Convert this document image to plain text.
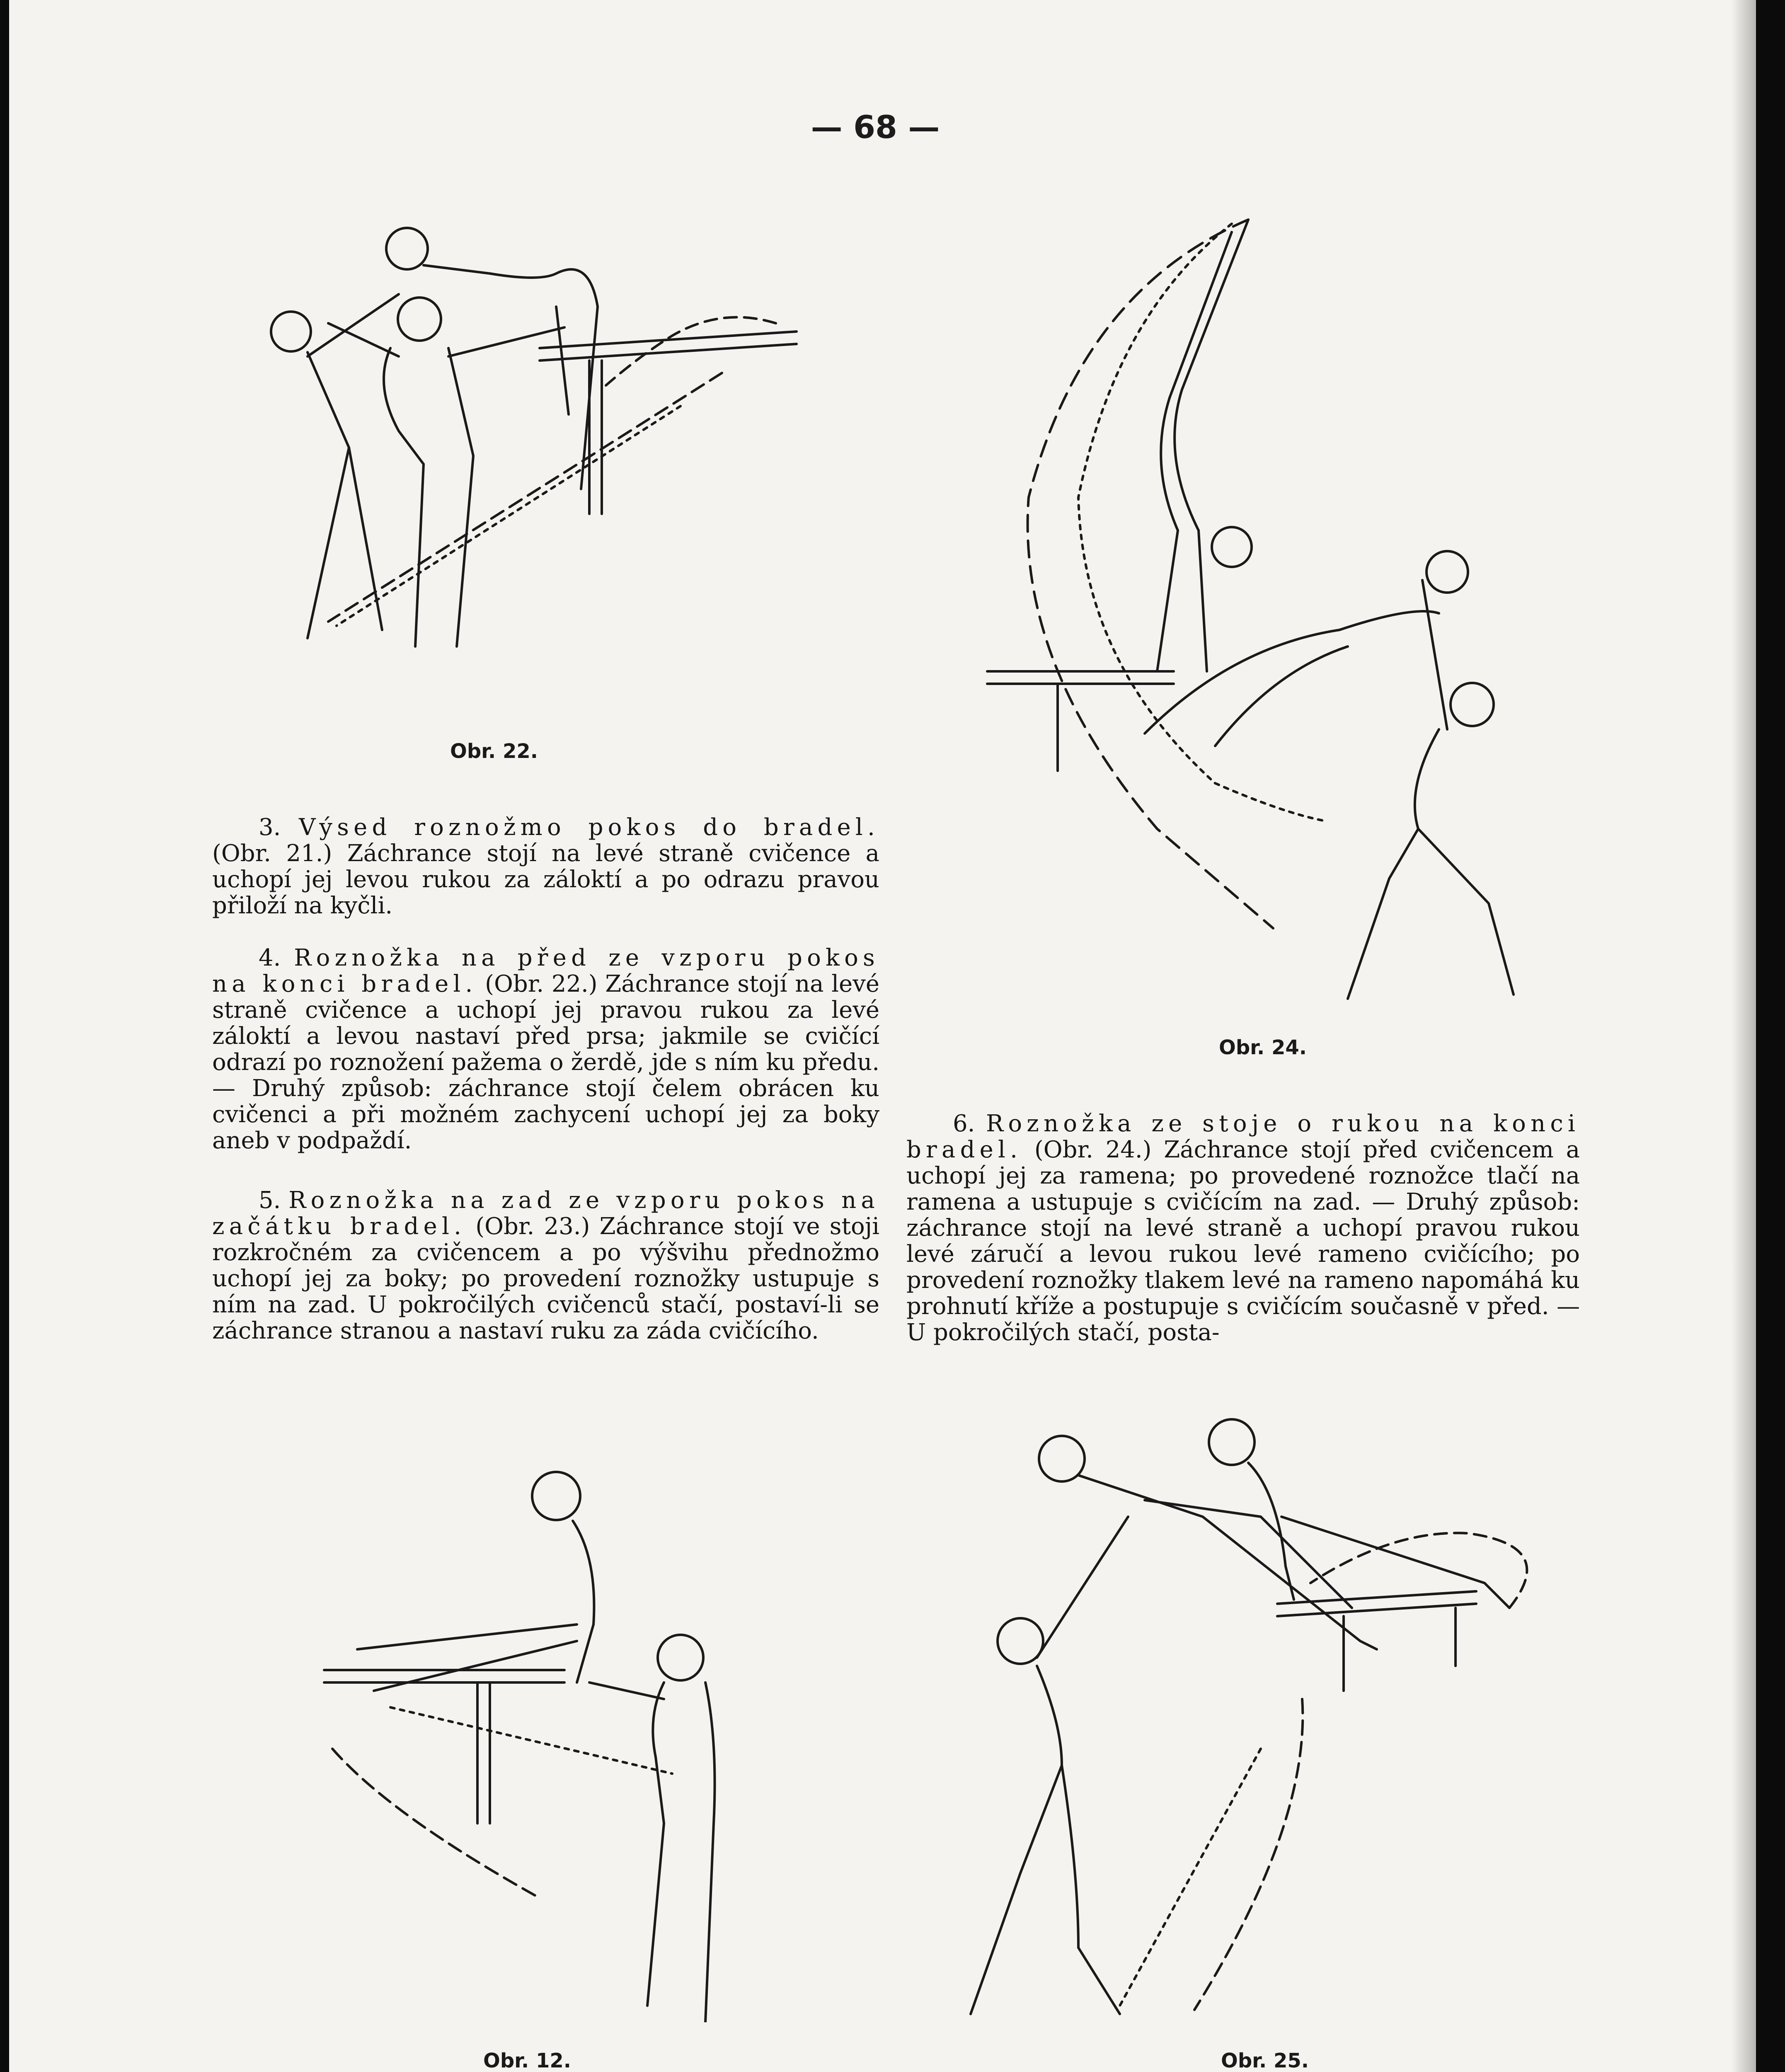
— 68 —
Obr. 22.
Obr. 24.

  3. Výsed roznožmo pokos do bradel. (Obr. 21.) Záchrance stojí na levé straně cvičence a uchopí jej levou rukou za záloktí a po odrazu pravou přiloží na kyčli.

  4. Roznožka na před ze vzporu pokos na konci bradel. (Obr. 22.) Záchrance stojí na levé straně cvičence a uchopí jej pravou rukou za levé záloktí a levou nastaví před prsa; jakmile se cvičící odrazí po roznožení pažema o žerdě, jde s ním ku předu. — Druhý způsob: záchrance stojí čelem obrácen ku cvičenci a při možném zachycení uchopí jej za boky aneb v podpaždí.

  5. Roznožka na zad ze vzporu pokos na začátku bradel. (Obr. 23.) Záchrance stojí ve stoji rozkročném za cvičencem a po výšvihu přednožmo uchopí jej za boky; po provedení roznožky ustupuje s ním na zad. U pokročilých cvičenců stačí, postaví-li se záchrance stranou a nastaví ruku za záda cvičícího.

  6. Roznožka ze stoje o rukou na konci bradel. (Obr. 24.) Záchrance stojí před cvičencem a uchopí jej za ramena; po provedené roznožce tlačí na ramena a ustupuje s cvičícím na zad. — Druhý způsob: záchrance stojí na levé straně a uchopí pravou rukou levé záručí a levou rukou levé rameno cvičícího; po provedení roznožky tlakem levé na rameno napomáhá ku prohnutí kříže a postupuje s cvičícím současně v před. — U pokročilých stačí, posta-

Obr. 12.	Obr. 25.
